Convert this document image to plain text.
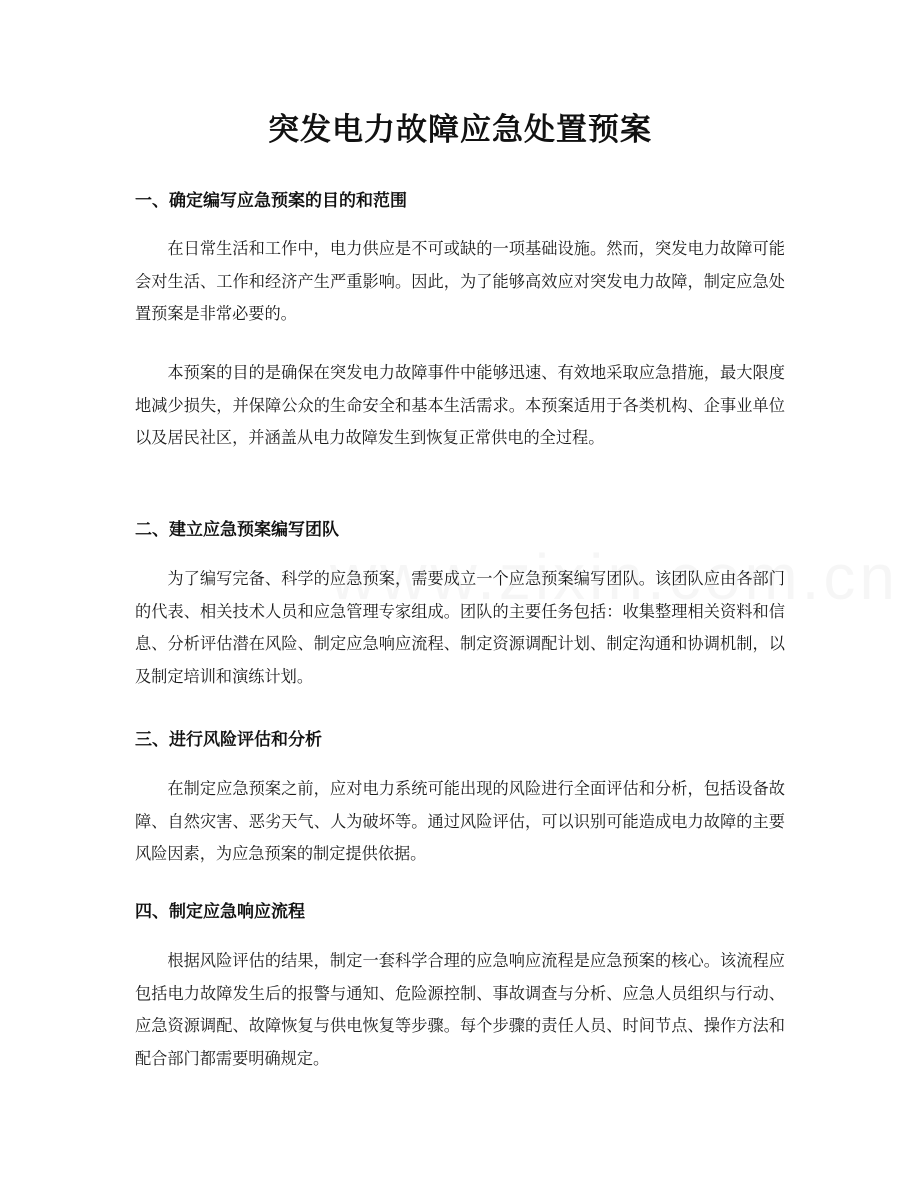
突发电力故障应急处置预案
一、确定编写应急预案的目的和范围

在日常生活和工作中，电力供应是不可或缺的一项基础设施。然而，突发电力故障可能会对生活、工作和经济产生严重影响。因此，为了能够高效应对突发电力故障，制定应急处置预案是非常必要的。

本预案的目的是确保在突发电力故障事件中能够迅速、有效地采取应急措施，最大限度地减少损失，并保障公众的生命安全和基本生活需求。本预案适用于各类机构、企事业单位以及居民社区，并涵盖从电力故障发生到恢复正常供电的全过程。

二、建立应急预案编写团队

为了编写完备、科学的应急预案，需要成立一个应急预案编写团队。该团队应由各部门的代表、相关技术人员和应急管理专家组成。团队的主要任务包括：收集整理相关资料和信息、分析评估潜在风险、制定应急响应流程、制定资源调配计划、制定沟通和协调机制，以及制定培训和演练计划。

三、进行风险评估和分析

在制定应急预案之前，应对电力系统可能出现的风险进行全面评估和分析，包括设备故障、自然灾害、恶劣天气、人为破坏等。通过风险评估，可以识别可能造成电力故障的主要风险因素，为应急预案的制定提供依据。

四、制定应急响应流程

根据风险评估的结果，制定一套科学合理的应急响应流程是应急预案的核心。该流程应包括电力故障发生后的报警与通知、危险源控制、事故调查与分析、应急人员组织与行动、应急资源调配、故障恢复与供电恢复等步骤。每个步骤的责任人员、时间节点、操作方法和配合部门都需要明确规定。
